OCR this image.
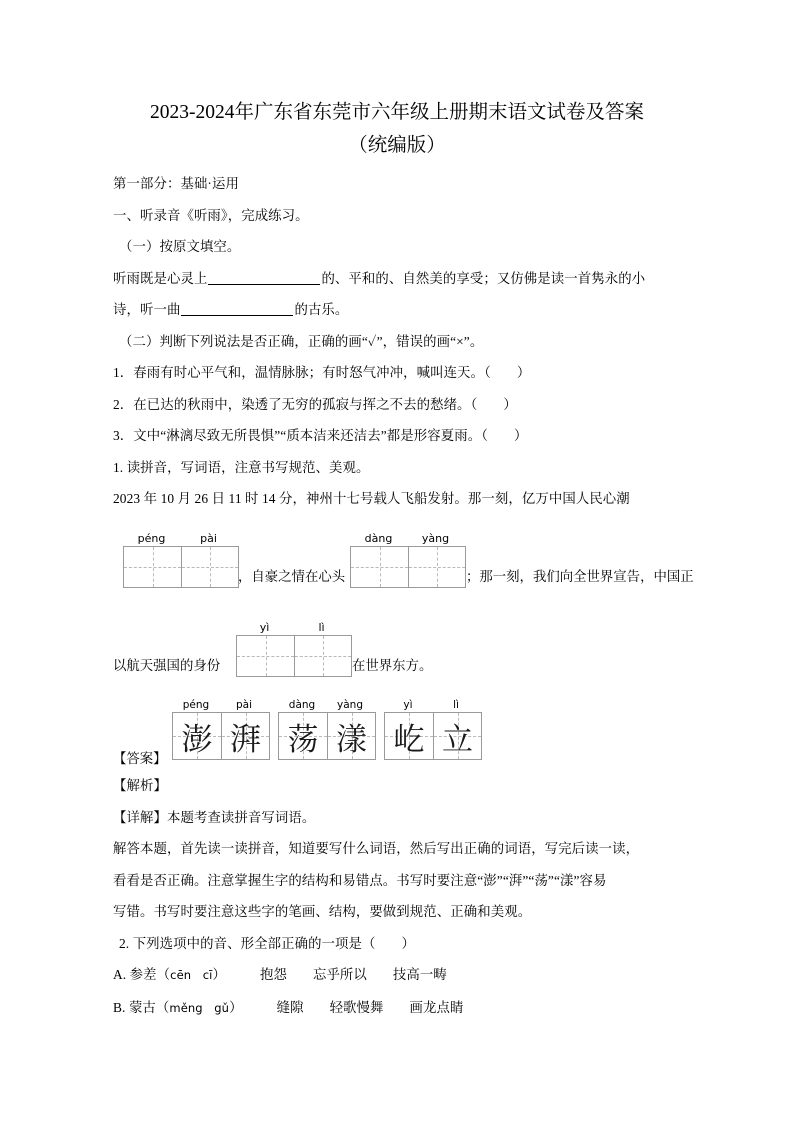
2023-2024年广东省东莞市六年级上册期末语文试卷及答案
（统编版）

第一部分：基础·运用

一、听录音《听雨》，完成练习。

（一）按原文填空。

听雨既是心灵上	的、平和的、自然美的享受；又仿佛是读一首隽永的小

诗，听一曲	的古乐。

（二）判断下列说法是否正确，正确的画“✓”，错误的画“×”。

1．春雨有时心平气和，温情脉脉；有时怒气冲冲，喊叫连天。（ ）

2．在已达的秋雨中，染透了无穷的孤寂与挥之不去的愁绪。（ ）

3．文中“淋漓尽致无所畏惧”“质本洁来还洁去”都是形容夏雨。（ ）

1. 读拼音，写词语，注意书写规范、美观。

2023 年 10 月 26 日 11 时 14 分，神州十七号载人飞船发射。那一刻，亿万中国人民心潮

péng	pài
，自豪之情在心头
dàng	yàng
；那一刻，我们向全世界宣告，中国正
以航天强国的身份
yì	lì
在世界东方。
【答案】
péng	pài
澎 湃
dàng	yàng
荡 漾
yì	lì
屹 立

【解析】

【详解】本题考查读拼音写词语。

解答本题，首先读一读拼音，知道要写什么词语，然后写出正确的词语，写完后读一读，

看看是否正确。注意掌握生字的结构和易错点。书写时要注意“澎”“湃”“荡”“漾”容易

写错。书写时要注意这些字的笔画、结构，要做到规范、正确和美观。

2. 下列选项中的音、形全部正确的一项是（ ）

A. 参差（cēn　cī）	抱怨 忘乎所以 技高一畴

B. 蒙古（měng　gǔ）	缝隙 轻歌慢舞 画龙点睛
